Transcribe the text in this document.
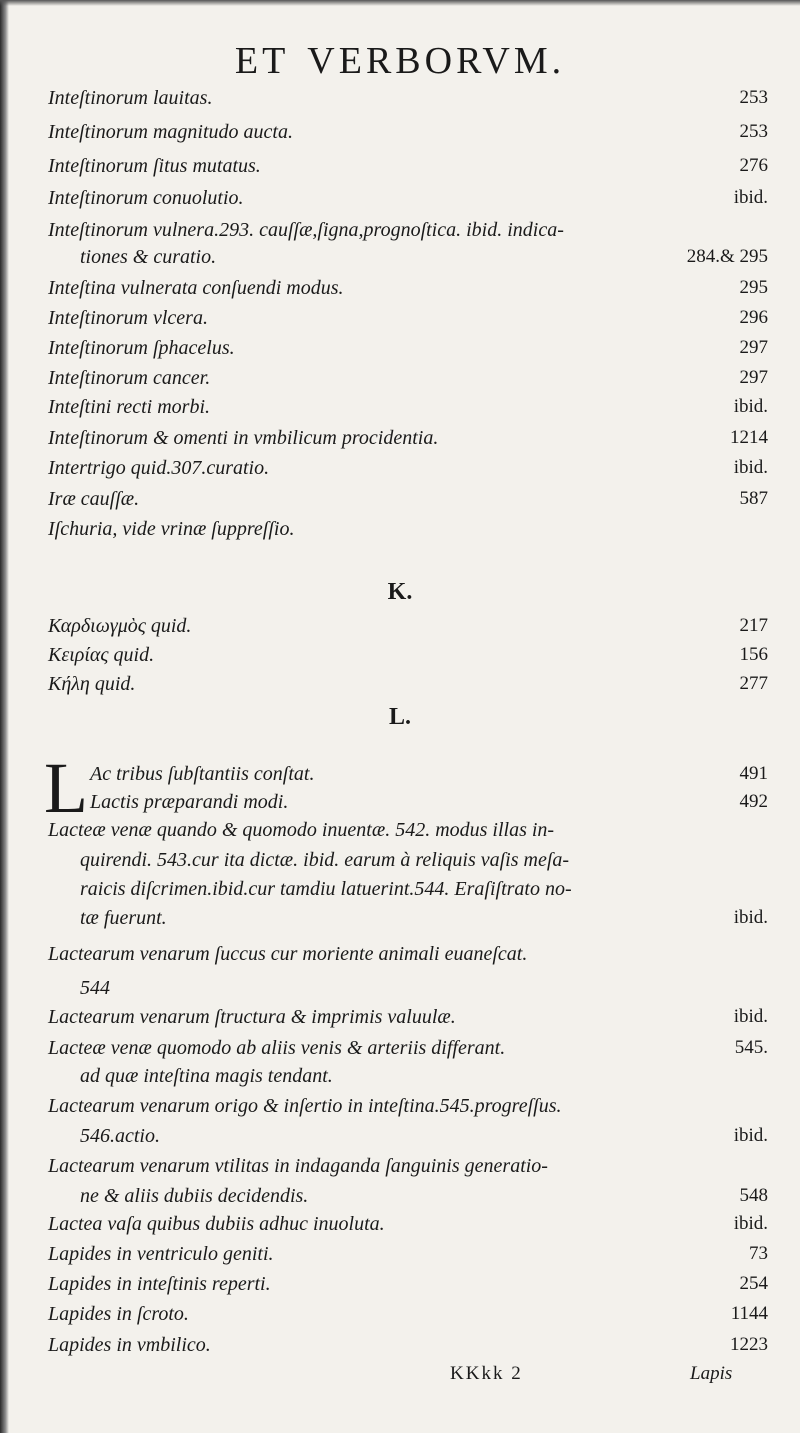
ET VERBORVM.
Inteſtinorum lauitas.	253
Inteſtinorum magnitudo aucta.	253
Inteſtinorum ſitus mutatus.	276
Inteſtinorum conuolutio.	ibid.
Inteſtinorum vulnera.293. cauſſæ,ſigna,prognoſtica. ibid. indica-
tiones & curatio.	284.& 295
Inteſtina vulnerata conſuendi modus.	295
Inteſtinorum vlcera.	296
Inteſtinorum ſphacelus.	297
Inteſtinorum cancer.	297
Inteſtini recti morbi.	ibid.
Inteſtinorum & omenti in vmbilicum procidentia.	1214
Intertrigo quid.307.curatio.	ibid.
Iræ cauſſæ.	587
Iſchuria, vide vrinæ ſuppreſſio.
K.
Καρδιωγμὸς quid.	217
Κειρίας quid.	156
Κήλη quid.	277
L.
L Ac tribus ſubſtantiis conſtat.	491
Lactis præparandi modi.	492
Lacteæ venæ quando & quomodo inuentæ. 542. modus illas in-
quirendi. 543.cur ita dictæ. ibid. earum à reliquis vaſis meſa-
raicis diſcrimen.ibid.cur tamdiu latuerint.544. Eraſiſtrato no-
tæ fuerunt.	ibid.
Lactearum venarum ſuccus cur moriente animali euaneſcat.
544
Lactearum venarum ſtructura & imprimis valuulæ.	ibid.
Lacteæ venæ quomodo ab aliis venis & arteriis differant.	545.
ad quæ inteſtina magis tendant.
Lactearum venarum origo & inſertio in inteſtina.545.progreſſus.
546.actio.	ibid.
Lactearum venarum vtilitas in indaganda ſanguinis generatio-
ne & aliis dubiis decidendis.	548
Lactea vaſa quibus dubiis adhuc inuoluta.	ibid.
Lapides in ventriculo geniti.	73
Lapides in inteſtinis reperti.	254
Lapides in ſcroto.	1144
Lapides in vmbilico.	1223
KKkk 2	Lapis
